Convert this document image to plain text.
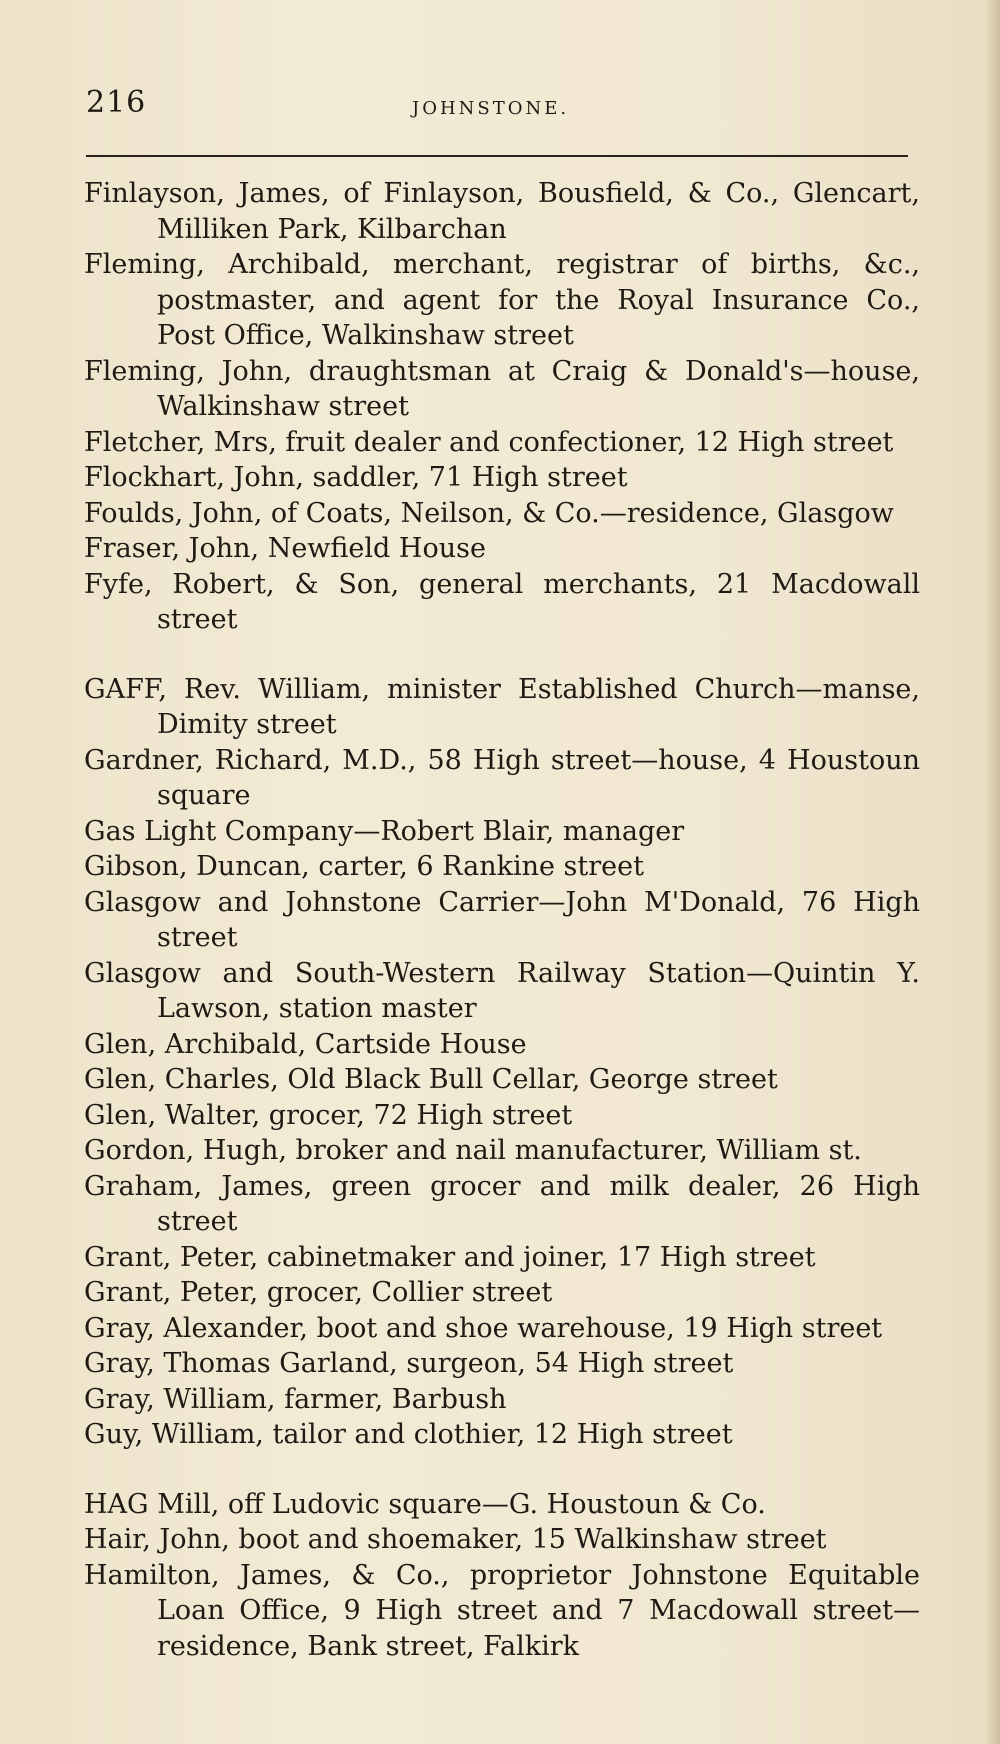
216	JOHNSTONE.

Finlayson, James, of Finlayson, Bousfield, & Co., Glencart, Milliken Park, Kilbarchan

Fleming, Archibald, merchant, registrar of births, &c., postmaster, and agent for the Royal Insurance Co., Post Office, Walkinshaw street

Fleming, John, draughtsman at Craig & Donald's—house, Walkinshaw street

Fletcher, Mrs, fruit dealer and confectioner, 12 High street

Flockhart, John, saddler, 71 High street

Foulds, John, of Coats, Neilson, & Co.—residence, Glasgow

Fraser, John, Newfield House

Fyfe, Robert, & Son, general merchants, 21 Macdowall street

GAFF, Rev. William, minister Established Church—manse, Dimity street

Gardner, Richard, M.D., 58 High street—house, 4 Houstoun square

Gas Light Company—Robert Blair, manager

Gibson, Duncan, carter, 6 Rankine street

Glasgow and Johnstone Carrier—John M'Donald, 76 High street

Glasgow and South-Western Railway Station—Quintin Y. Lawson, station master

Glen, Archibald, Cartside House

Glen, Charles, Old Black Bull Cellar, George street

Glen, Walter, grocer, 72 High street

Gordon, Hugh, broker and nail manufacturer, William st.

Graham, James, green grocer and milk dealer, 26 High street

Grant, Peter, cabinetmaker and joiner, 17 High street

Grant, Peter, grocer, Collier street

Gray, Alexander, boot and shoe warehouse, 19 High street

Gray, Thomas Garland, surgeon, 54 High street

Gray, William, farmer, Barbush

Guy, William, tailor and clothier, 12 High street

HAG Mill, off Ludovic square—G. Houstoun & Co.

Hair, John, boot and shoemaker, 15 Walkinshaw street

Hamilton, James, & Co., proprietor Johnstone Equitable Loan Office, 9 High street and 7 Macdowall street—residence, Bank street, Falkirk
